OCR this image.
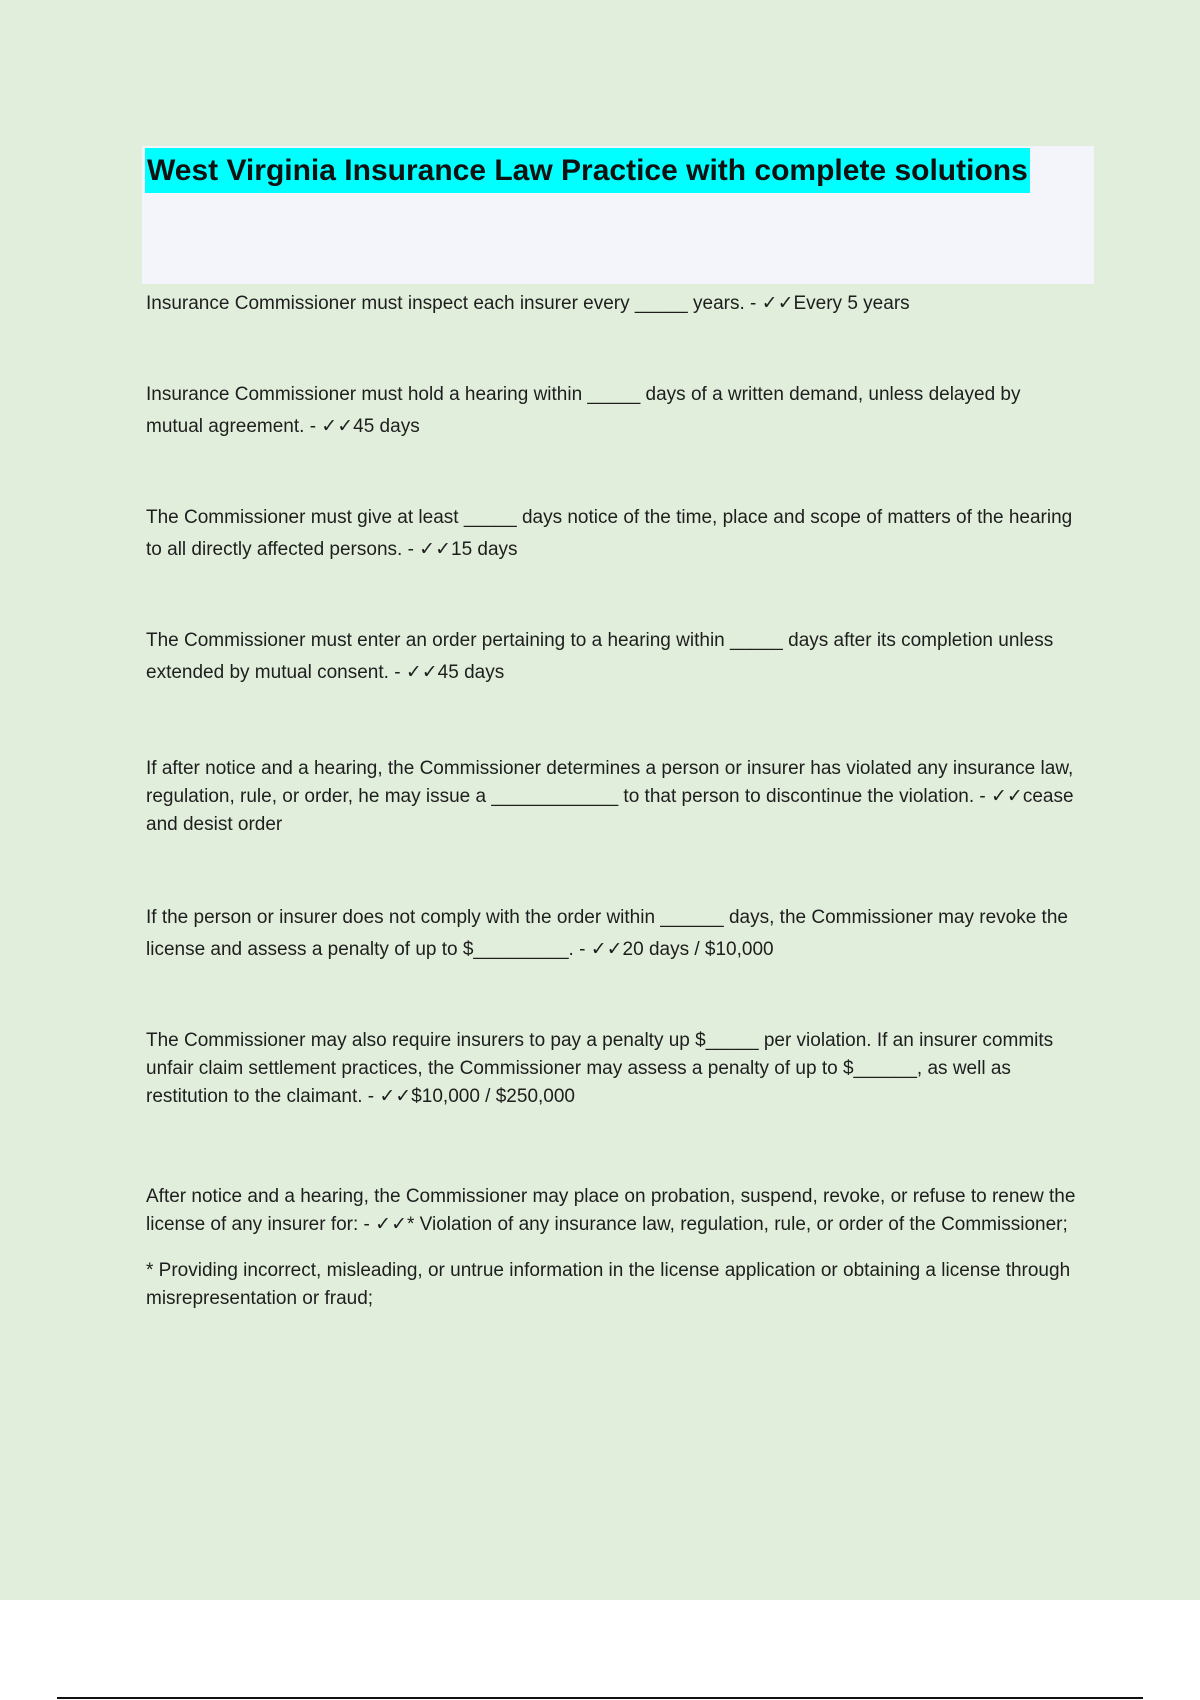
West Virginia Insurance Law Practice with complete solutions

Insurance Commissioner must inspect each insurer every _____ years. - ✓✓Every 5 years

Insurance Commissioner must hold a hearing within _____ days of a written demand, unless delayed by mutual agreement. - ✓✓45 days

The Commissioner must give at least _____ days notice of the time, place and scope of matters of the hearing to all directly affected persons. - ✓✓15 days

The Commissioner must enter an order pertaining to a hearing within _____ days after its completion unless extended by mutual consent. - ✓✓45 days

If after notice and a hearing, the Commissioner determines a person or insurer has violated any insurance law, regulation, rule, or order, he may issue a ____________ to that person to discontinue the violation. - ✓✓cease and desist order

If the person or insurer does not comply with the order within ______ days, the Commissioner may revoke the license and assess a penalty of up to $_________. - ✓✓20 days / $10,000

The Commissioner may also require insurers to pay a penalty up $_____ per violation. If an insurer commits unfair claim settlement practices, the Commissioner may assess a penalty of up to $______, as well as restitution to the claimant. - ✓✓$10,000 / $250,000

After notice and a hearing, the Commissioner may place on probation, suspend, revoke, or refuse to renew the license of any insurer for: - ✓✓* Violation of any insurance law, regulation, rule, or order of the Commissioner;

* Providing incorrect, misleading, or untrue information in the license application or obtaining a license through misrepresentation or fraud;
